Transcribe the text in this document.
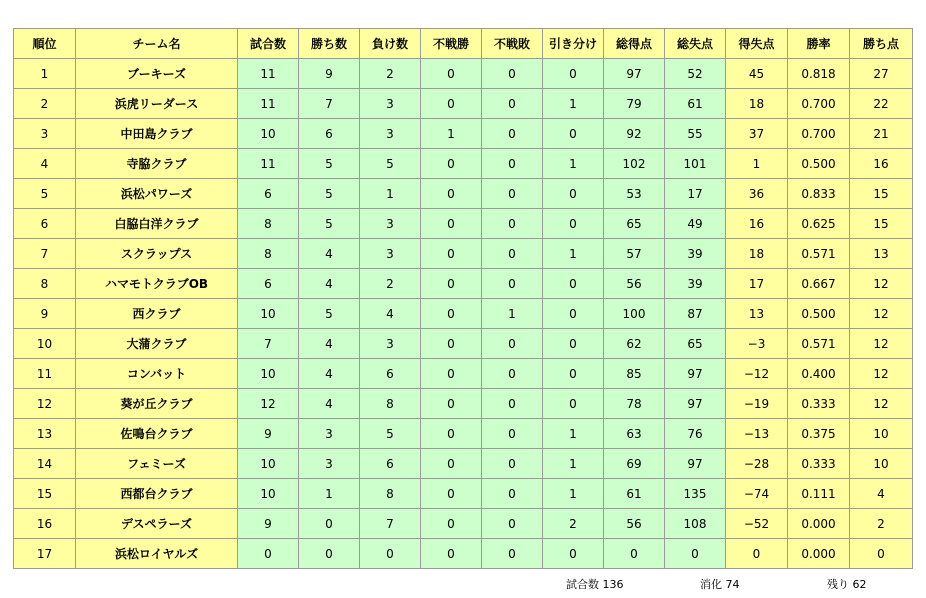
順位	チーム名	試合数	勝ち数	負け数	不戦勝	不戦敗	引き分け	総得点	総失点	得失点	勝率	勝ち点
1	ブーキーズ	11	9	2	0	0	0	97	52	45	0.818	27
2	浜虎リーダース	11	7	3	0	0	1	79	61	18	0.700	22
3	中田島クラブ	10	6	3	1	0	0	92	55	37	0.700	21
4	寺脇クラブ	11	5	5	0	0	1	102	101	1	0.500	16
5	浜松パワーズ	6	5	1	0	0	0	53	17	36	0.833	15
6	白脇白洋クラブ	8	5	3	0	0	0	65	49	16	0.625	15
7	スクラップス	8	4	3	0	0	1	57	39	18	0.571	13
8	ハマモトクラブOB	6	4	2	0	0	0	56	39	17	0.667	12
9	西クラブ	10	5	4	0	1	0	100	87	13	0.500	12
10	大蒲クラブ	7	4	3	0	0	0	62	65	−3	0.571	12
11	コンバット	10	4	6	0	0	0	85	97	−12	0.400	12
12	葵が丘クラブ	12	4	8	0	0	0	78	97	−19	0.333	12
13	佐鳴台クラブ	9	3	5	0	0	1	63	76	−13	0.375	10
14	フェミーズ	10	3	6	0	0	1	69	97	−28	0.333	10
15	西都台クラブ	10	1	8	0	0	1	61	135	−74	0.111	4
16	デスペラーズ	9	0	7	0	0	2	56	108	−52	0.000	2
17	浜松ロイヤルズ	0	0	0	0	0	0	0	0	0	0.000	0
試合数 136	消化 74	残り 62
